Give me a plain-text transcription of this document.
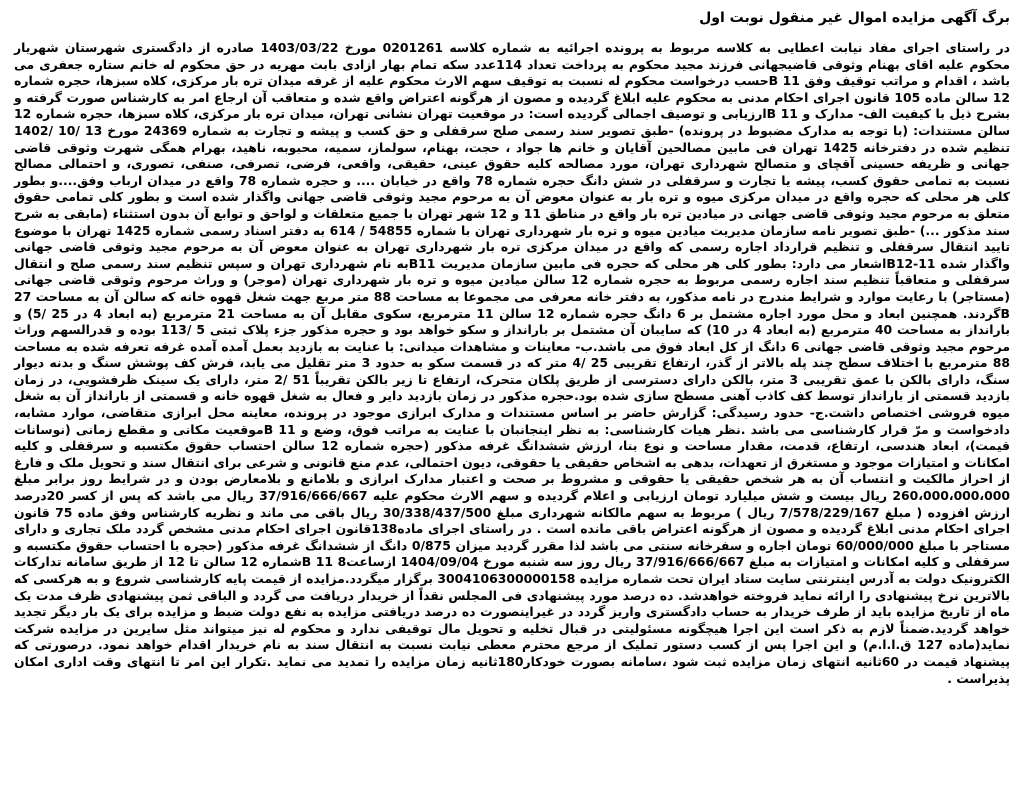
برگ آگهی مزایده اموال غیر منقول نوبت اول
در راستای اجرای مفاد نیابت اعطایی به کلاسه مربوط به پرونده اجرائیه به شماره کلاسه 0201261 مورخ 1403/03/22 صادره از دادگستری شهرستان شهریار محکوم علیه اقای بهنام وثوقی قاضیجهانی فرزند مجید محکوم به پرداخت تعداد 114عدد سکه تمام بهار ازادی بابت مهریه در حق محکوم له خانم ستاره جعفری می باشد ، اقدام و مراتب توقیف وفق 11 Bحسب درخواست محکوم له نسبت به توقیف سهم الارث محکوم علیه از غرفه میدان تره بار مرکزی، کلاه سبزها، حجره شماره 12 سالن ماده 105 قانون اجرای احکام مدنی به محکوم علیه ابلاغ گردیده و مصون از هرگونه اعتراض واقع شده و متعاقب آن ارجاع امر به کارشناس صورت گرفته و بشرح ذیل با کیفیت الف- مدارک و 11 Bارزیابی و توصیف اجمالی گردیده است: در موقعیت تهران نشانی تهران، میدان تره بار مرکزی، کلاه سبزها، حجره شماره 12 سالن مستندات: (با توجه به مدارک مضبوط در پرونده) -طبق تصویر سند رسمی صلح سرقفلی و حق کسب و پیشه و تجارت به شماره 24369 مورخ 13 /10 /1402 تنظیم شده در دفترخانه 1425 تهران فی مابین مصالحین آقایان و خانم ها جواد ، حجت، بهنام، سولماز، سمیه، محبوبه، ناهید، بهرام همگی شهرت وثوقی قاضی جهانی و ظریفه حسینی آقچای و متصالح شهرداری تهران، مورد مصالحه کلیه حقوق عینی، حقیقی، واقعی، فرضی، تصرفی، صنفی، تصوری، و احتمالی مصالح نسبت به تمامی حقوق کسب، پیشه یا تجارت و سرقفلی در شش دانگ حجره شماره 78 واقع در خیابان .... و حجره شماره 78 واقع در میدان ارباب وفق....و بطور کلی هر محلی که حجره واقع در میدان مرکزی میوه و تره بار به عنوان معوض آن به مرحوم مجید وثوقی قاضی جهانی واگذار شده است و بطور کلی تمامی حقوق متعلق به مرحوم مجید وثوقی قاضی جهانی در میادین تره بار واقع در مناطق 11 و 12 شهر تهران با جمیع متعلقات و لواحق و توابع آن بدون استثناء (مابقی به شرح سند مذکور ...) -طبق تصویر نامه سازمان مدیریت میادین میوه و تره بار شهرداری تهران با شماره 54855 / 614 به دفتر اسناد رسمی شماره 1425 تهران با موضوع تایید انتقال سرقفلی و تنظیم قرارداد اجاره رسمی که واقع در میدان مرکزی تره بار شهرداری تهران به عنوان معوض آن به مرحوم مجید وثوقی قاضی جهانی واگذار شده B12-11اشعار می دارد: بطور کلی هر محلی که حجره فی مابین سازمان مدیریت B11به نام شهرداری تهران و سپس تنظیم سند رسمی صلح و انتقال سرقفلی و متعاقباً تنظیم سند اجاره رسمی مربوط به حجره شماره 12 سالن میادین میوه و تره بار شهرداری تهران (موجر) و وراث مرحوم وثوقی قاضی جهانی (مستاجر) با رعایت موارد و شرایط مندرج در نامه مذکور، به دفتر خانه معرفی می مجموعا به مساحت 88 متر مربع جهت شغل قهوه خانه که سالن آن به مساحت 27 Bگردند. همچنین ابعاد و محل مورد اجاره مشتمل بر 6 دانگ حجره شماره 12 سالن 11 مترمربع، سکوی مقابل آن به مساحت 21 مترمربع (به ابعاد 4 در 25 /5) و بارانداز به مساحت 40 مترمربع (به ابعاد 4 در 10) که سایبان آن مشتمل بر بارانداز و سکو خواهد بود و حجره مذکور جزء پلاک ثبتی 5 /113 بوده و قدرالسهم وراث مرحوم مجید وثوقی قاضی جهانی 6 دانگ از کل ابعاد فوق می باشد.ب- معاینات و مشاهدات میدانی: با عنایت به بازدید بعمل آمده آمده غرفه تعرفه شده به مساحت 88 مترمربع با اختلاف سطح چند پله بالاتر از گذر، ارتفاع تقریبی 25 /4 متر که در قسمت سکو به حدود 3 متر تقلیل می یابد، فرش کف پوشش سنگ و بدنه دیوار سنگ، دارای بالکن با عمق تقریبی 3 متر، بالکن دارای دسترسی از طریق پلکان متحرک، ارتفاع تا زیر بالکن تقریباً 51 /2 متر، دارای یک سینک ظرفشویی، در زمان بازدید قسمتی از بارانداز توسط کف کاذب آهنی مسطح سازی شده بود.حجره مذکور در زمان بازدید دایر و فعال به شغل قهوه خانه و قسمتی از بارانداز آن به شغل میوه فروشی اختصاص داشت.ج- حدود رسیدگی: گزارش حاضر بر اساس مستندات و مدارک ابرازی موجود در پرونده، معاینه محل ابرازی متقاضی، موارد مشابه، دادخواست و مرّ قرار کارشناسی می باشد .نظر هیات کارشناسی: به نظر اینجانبان با عنایت به مراتب فوق، وضع و 11 Bموقعیت مکانی و مقطع زمانی (نوسانات قیمت)، ابعاد هندسی، ارتفاع، قدمت، مقدار مساحت و نوع بنا، ارزش ششدانگ غرفه مذکور (حجره شماره 12 سالن احتساب حقوق مکتسبه و سرقفلی و کلیه امکانات و امتیازات موجود و مستغرق از تعهدات، بدهی به اشخاص حقیقی یا حقوقی، دیون احتمالی، عدم منع قانونی و شرعی برای انتقال سند و تحویل ملک و فارغ از احراز مالکیت و انتساب آن به هر شخص حقیقی یا حقوقی و مشروط بر صحت و اعتبار مدارک ابرازی و بلامانع و بلامعارض بودن و در شرایط روز برابر مبلغ 260،000،000،000 ریال بیست و شش میلیارد تومان ارزیابی و اعلام گردیده و سهم الارث محکوم علیه 37/916/666/667 ریال می باشد که پس از کسر 20درصد ارزش افزوده ( مبلغ 7/578/229/167 ریال ) مربوط به سهم مالکانه شهرداری مبلغ 30/338/437/500 ریال باقی می ماند و نظریه کارشناس وفق ماده 75 قانون اجرای احکام مدنی ابلاغ گردیده و مصون از هرگونه اعتراض باقی مانده است . در راستای اجرای ماده138قانون اجرای احکام مدنی مشخص گردد ملک تجاری و دارای مستاجر با مبلغ 60/000/000 تومان اجاره و سفرخانه سنتی می باشد لذا مقرر گردید میزان 0/875 دانگ از ششدانگ غرفه مذکور (حجره با احتساب حقوق مکتسبه و سرقفلی و کلیه امکانات و امتیازات به مبلغ 37/916/666/667 ریال روز سه شنبه مورخ 1404/09/04 ازساعت8 11 Bشماره 12 سالن تا 12 از طریق سامانه تدارکات الکترونیک دولت به آدرس اینترنتی سایت ستاد ایران تحت شماره مزایده 3004106300000158 برگزار میگردد.مزایده از قیمت پایه کارشناسی شروع و به هرکسی که بالاترین نرخ پیشنهادی را ارائه نماید فروخته خواهدشد. ده درصد مورد پیشنهادی فی المجلس نقداً از خریدار دریافت می گردد و الباقی ثمن پیشنهادی ظرف مدت یک ماه از تاریخ مزایده باید از طرف خریدار به حساب دادگستری واریز گردد در غیراینصورت ده درصد دریافتی مزایده به نفع دولت ضبط و مزایده برای یک بار دیگر تجدید خواهد گردید.ضمناً لازم به ذکر است این اجرا هیچگونه مسئولیتی در قبال تخلیه و تحویل مال توقیفی ندارد و محکوم له نیز میتواند مثل سایرین در مزایده شرکت نماید(ماده 127 ق.ا.ا.م) و این اجرا پس از کسب دستور تملیک از مرجع محترم معطی نیابت نسبت به انتقال سند به نام خریدار اقدام خواهد نمود. درصورتی که پیشنهاد قیمت در 60ثانیه انتهای زمان مزایده ثبت شود ،سامانه بصورت خودکار180ثانیه زمان مزایده را تمدید می نماید .تکرار این امر تا انتهای وقت اداری امکان پذیراست .
